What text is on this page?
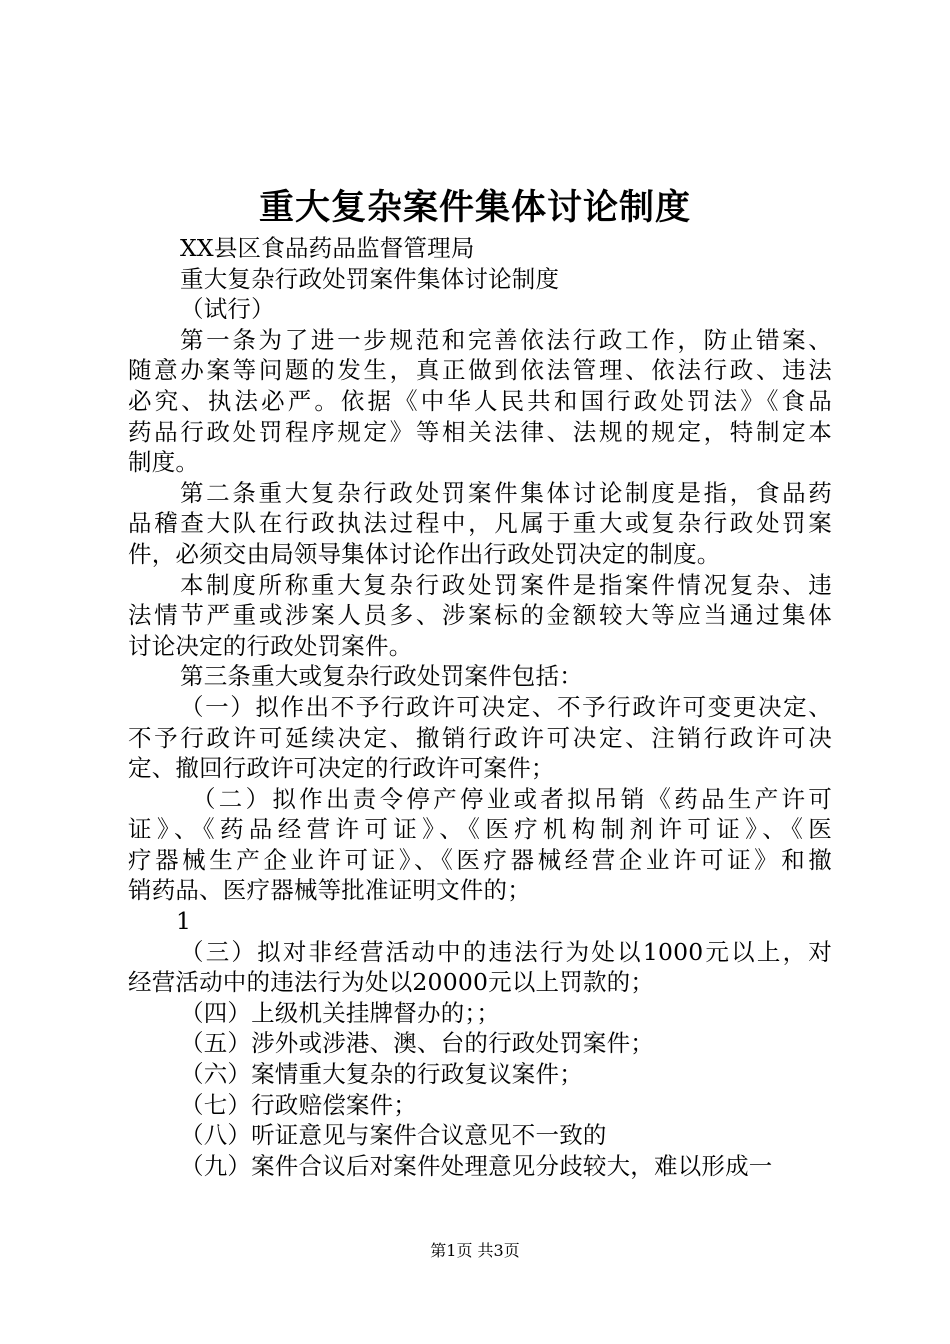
重大复杂案件集体讨论制度
XX县区食品药品监督管理局
重大复杂行政处罚案件集体讨论制度
（试行）
第一条为了进一步规范和完善依法行政工作，防止错案、
随意办案等问题的发生，真正做到依法管理、依法行政、违法
必究、执法必严。依据《中华人民共和国行政处罚法》《食品
药品行政处罚程序规定》等相关法律、法规的规定，特制定本
制度。
第二条重大复杂行政处罚案件集体讨论制度是指，食品药
品稽查大队在行政执法过程中，凡属于重大或复杂行政处罚案
件，必须交由局领导集体讨论作出行政处罚决定的制度。
本制度所称重大复杂行政处罚案件是指案件情况复杂、违
法情节严重或涉案人员多、涉案标的金额较大等应当通过集体
讨论决定的行政处罚案件。
第三条重大或复杂行政处罚案件包括：
（一）拟作出不予行政许可决定、不予行政许可变更决定、
不予行政许可延续决定、撤销行政许可决定、注销行政许可决
定、撤回行政许可决定的行政许可案件；
（二）拟作出责令停产停业或者拟吊销《药品生产许可
证》、《药品经营许可证》、《医疗机构制剂许可证》、《医
疗器械生产企业许可证》、《医疗器械经营企业许可证》和撤
销药品、医疗器械等批准证明文件的；
1
（三）拟对非经营活动中的违法行为处以1000元以上，对
经营活动中的违法行为处以20000元以上罚款的；
（四）上级机关挂牌督办的；；
（五）涉外或涉港、澳、台的行政处罚案件；
（六）案情重大复杂的行政复议案件；
（七）行政赔偿案件；
（八）听证意见与案件合议意见不一致的
（九）案件合议后对案件处理意见分歧较大，难以形成一
第1页 共3页
